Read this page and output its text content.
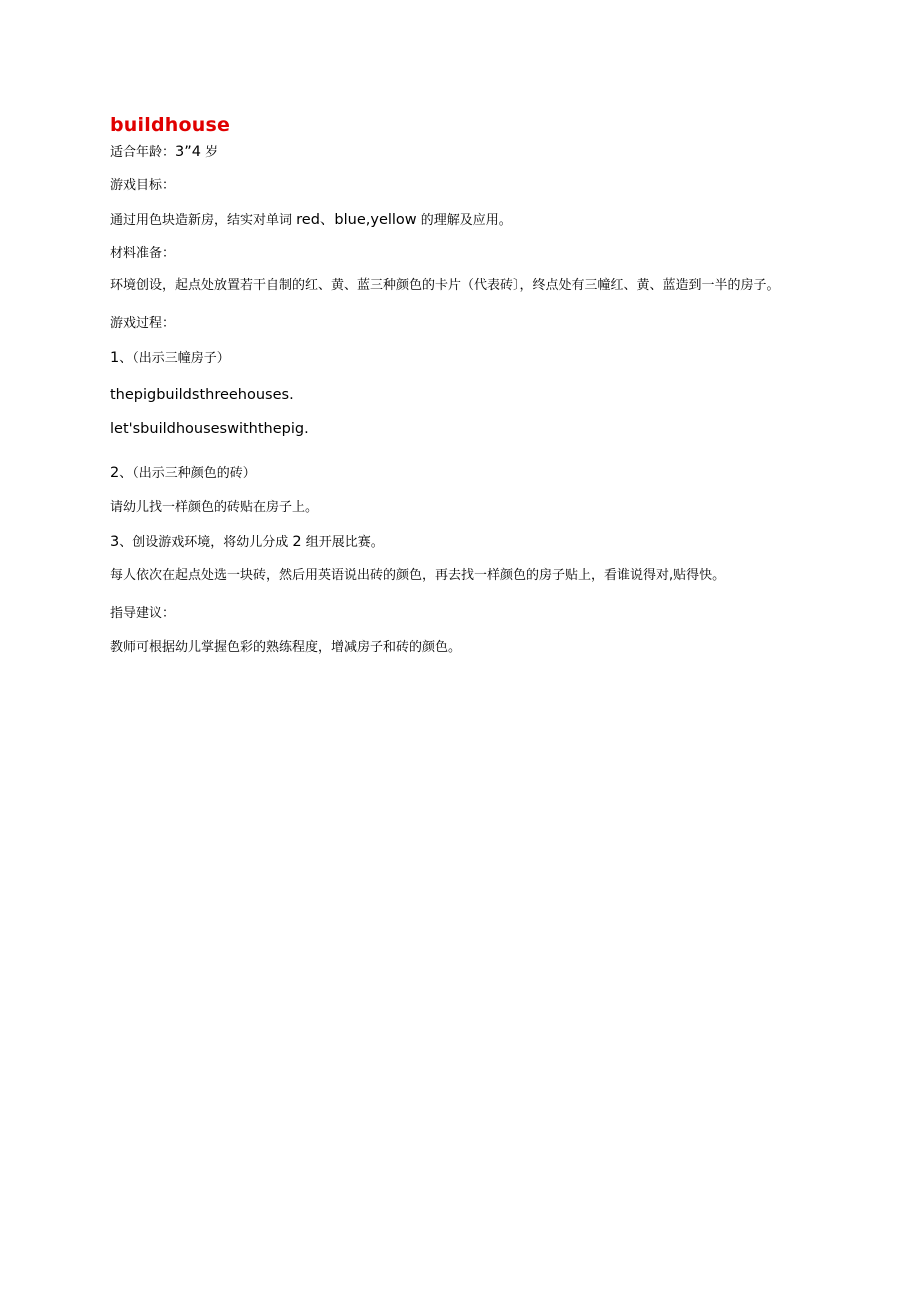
buildhouse

适合年龄：3”4 岁

游戏目标：

通过用色块造新房，结实对单词 red、blue,yellow 的理解及应用。

材料准备：

环境创设，起点处放置若干自制的红、黄、蓝三种颜色的卡片（代表砖〕，终点处有三幢红、黄、蓝造到一半的房子。

游戏过程：

1、（出示三幢房子）

thepigbuildsthreehouses.

let'sbuildhouseswiththepig.

2、（出示三种颜色的砖）

请幼儿找一样颜色的砖贴在房子上。

3、创设游戏环境，将幼儿分成 2 组开展比赛。

每人依次在起点处选一块砖，然后用英语说出砖的颜色，再去找一样颜色的房子贴上，看谁说得对,贴得快。

指导建议：

教师可根据幼儿掌握色彩的熟练程度，增减房子和砖的颜色。
